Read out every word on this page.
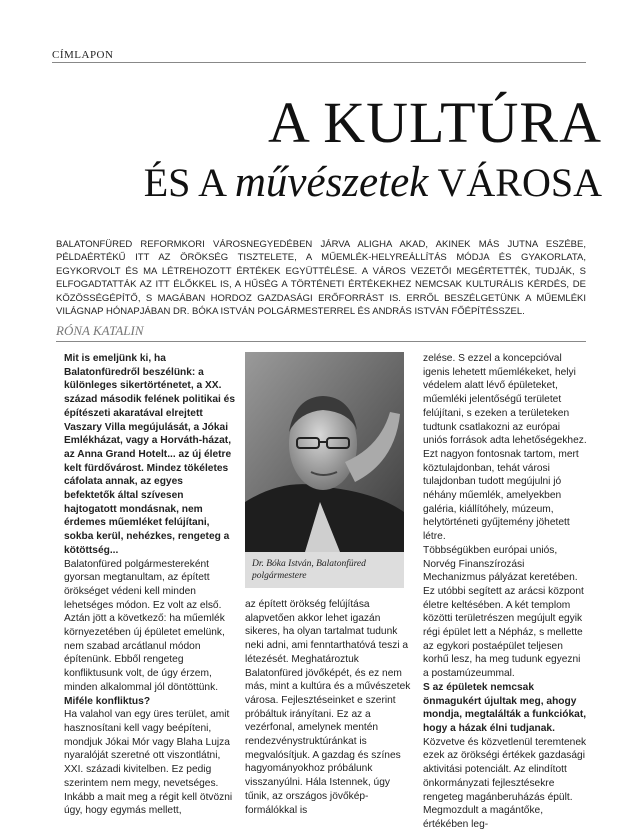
CÍMLAPON
A KULTÚRA
ÉS A művészetek VÁROSA
BALATONFÜRED REFORMKORI VÁROSNEGYEDÉBEN JÁRVA ALIGHA AKAD, AKINEK MÁS JUTNA ESZÉBE, PÉLDAÉRTÉKŰ ITT AZ ÖRÖKSÉG TISZTELETE, A MŰEMLÉK-HELYREÁLLÍTÁS MÓDJA ÉS GYAKORLATA, EGYKORVOLT ÉS MA LÉTREHOZOTT ÉRTÉKEK EGYÜTTÉLÉSE. A VÁROS VEZETŐI MEGÉRTETTÉK, TUDJÁK, S ELFOGADTATTÁK AZ ITT ÉLŐKKEL IS, A HŰSÉG A TÖRTÉNETI ÉRTÉKEKHEZ NEMCSAK KULTURÁLIS KÉRDÉS, DE KÖZÖSSÉGÉPÍTŐ, S MAGÁBAN HORDOZ GAZDASÁGI ERŐFORRÁST IS. ERRŐL BESZÉLGETÜNK A MŰEMLÉKI VILÁGNAP HÓNAPJÁBAN DR. BÓKA ISTVÁN POLGÁRMESTERREL ÉS ANDRÁS ISTVÁN FŐÉPÍTÉSSZEL.
RÓNA KATALIN

Mit is emeljünk ki, ha Balatonfüredről beszélünk: a különleges sikertörténetet, a XX. század második felének politikai és építészeti akaratával elrejtett Vaszary Villa megújulását, a Jókai Emlékházat, vagy a Horváth-házat, az Anna Grand Hotelt... az új életre kelt fürdővárost. Mindez tökéletes cáfolata annak, az egyes befektetők által szívesen hajtogatott mondásnak, nem érdemes műemléket felújítani, sokba kerül, nehézkes, rengeteg a kötöttség...

Balatonfüred polgármestereként gyorsan megtanultam, az épített örökséget védeni kell minden lehetséges módon. Ez volt az első. Aztán jött a következő: ha műemlék környezetében új épületet emelünk, nem szabad arcátlanul módon építenünk. Ebből rengeteg konfliktusunk volt, de úgy érzem, minden alkalommal jól döntöttünk.

Miféle konfliktus?

Ha valahol van egy üres terület, amit hasznosítani kell vagy beépíteni, mondjuk Jókai Mór vagy Blaha Lujza nyaralóját szeretné ott viszontlátni, XXI. századi kivitelben. Ez pedig szerintem nem megy, nevetséges. Inkább a mait meg a régit kell ötvözni úgy, hogy egymás mellett,

Dr. Bóka István, Balatonfüred polgármestere

az épített örökség felújítása alapvetően akkor lehet igazán sikeres, ha olyan tartalmat tudunk neki adni, ami fenntarthatóvá teszi a létezését. Meghatároztuk Balatonfüred jövőképét, és ez nem más, mint a kultúra és a művészetek városa. Fejlesztéseinket e szerint próbáltuk irányítani. Ez az a vezérfonal, amelynek mentén rendezvénystruktúránkat is megvalósítjuk. A gazdag és színes hagyományokhoz próbálunk visszanyúlni. Hála Istennek, úgy tűnik, az országos jövőkép-formálókkal is

zelése. S ezzel a koncepcióval igenis lehetett műemlékeket, helyi védelem alatt lévő épületeket, műemléki jelentőségű területet felújítani, s ezeken a területeken tudtunk csatlakozni az európai uniós források adta lehetőségekhez. Ezt nagyon fontosnak tartom, mert köztulajdonban, tehát városi tulajdonban tudott megújulni jó néhány műemlék, amelyekben galéria, kiállítóhely, múzeum, helytörténeti gyűjtemény jöhetett létre.

Többségükben európai uniós, Norvég Finanszírozási Mechanizmus pályázat keretében. Ez utóbbi segített az arácsi központ életre keltésében. A két templom közötti területrészen megújult egyik régi épület lett a Népház, s mellette az egykori postaépület teljesen korhű lesz, ha meg tudunk egyezni a postamúzeummal.

S az épületek nemcsak önmagukért újultak meg, ahogy mondja, megtalálták a funkciókat, hogy a házak élni tudjanak.

Közvetve és közvetlenül teremtenek ezek az örökségi értékek gazdasági aktivitási potenciált. Az elindított önkormányzati fejlesztésekre rengeteg magánberuházás épült. Megmozdult a magántőke, értékében leg-
